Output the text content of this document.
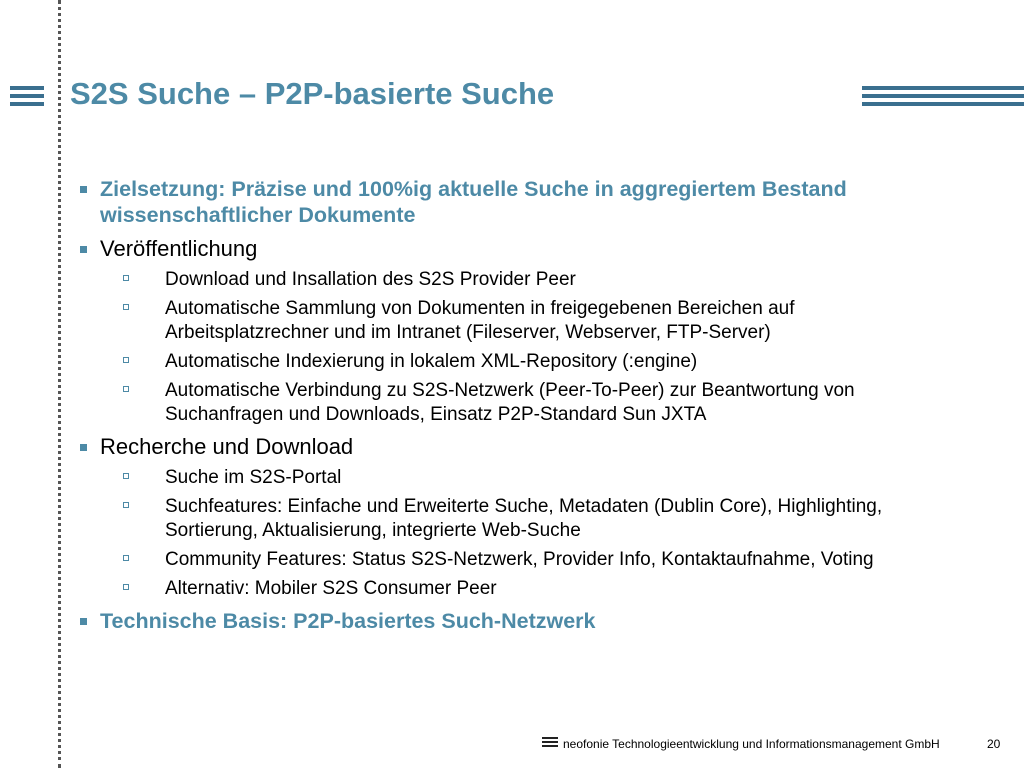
S2S Suche – P2P-basierte Suche
Zielsetzung: Präzise und 100%ig aktuelle Suche in aggregiertem Bestand wissenschaftlicher Dokumente
Veröffentlichung
Download und Insallation des S2S Provider Peer
Automatische Sammlung von Dokumenten in freigegebenen Bereichen auf Arbeitsplatzrechner und im Intranet (Fileserver, Webserver, FTP-Server)
Automatische Indexierung in lokalem XML-Repository (:engine)
Automatische Verbindung zu S2S-Netzwerk (Peer-To-Peer) zur Beantwortung von Suchanfragen und Downloads, Einsatz P2P-Standard Sun JXTA
Recherche und Download
Suche im S2S-Portal
Suchfeatures: Einfache und Erweiterte Suche, Metadaten (Dublin Core), Highlighting, Sortierung, Aktualisierung, integrierte Web-Suche
Community Features: Status S2S-Netzwerk, Provider Info, Kontaktaufnahme, Voting
Alternativ: Mobiler S2S Consumer Peer
Technische Basis: P2P-basiertes Such-Netzwerk
neofonie Technologieentwicklung und Informationsmanagement GmbH	20
